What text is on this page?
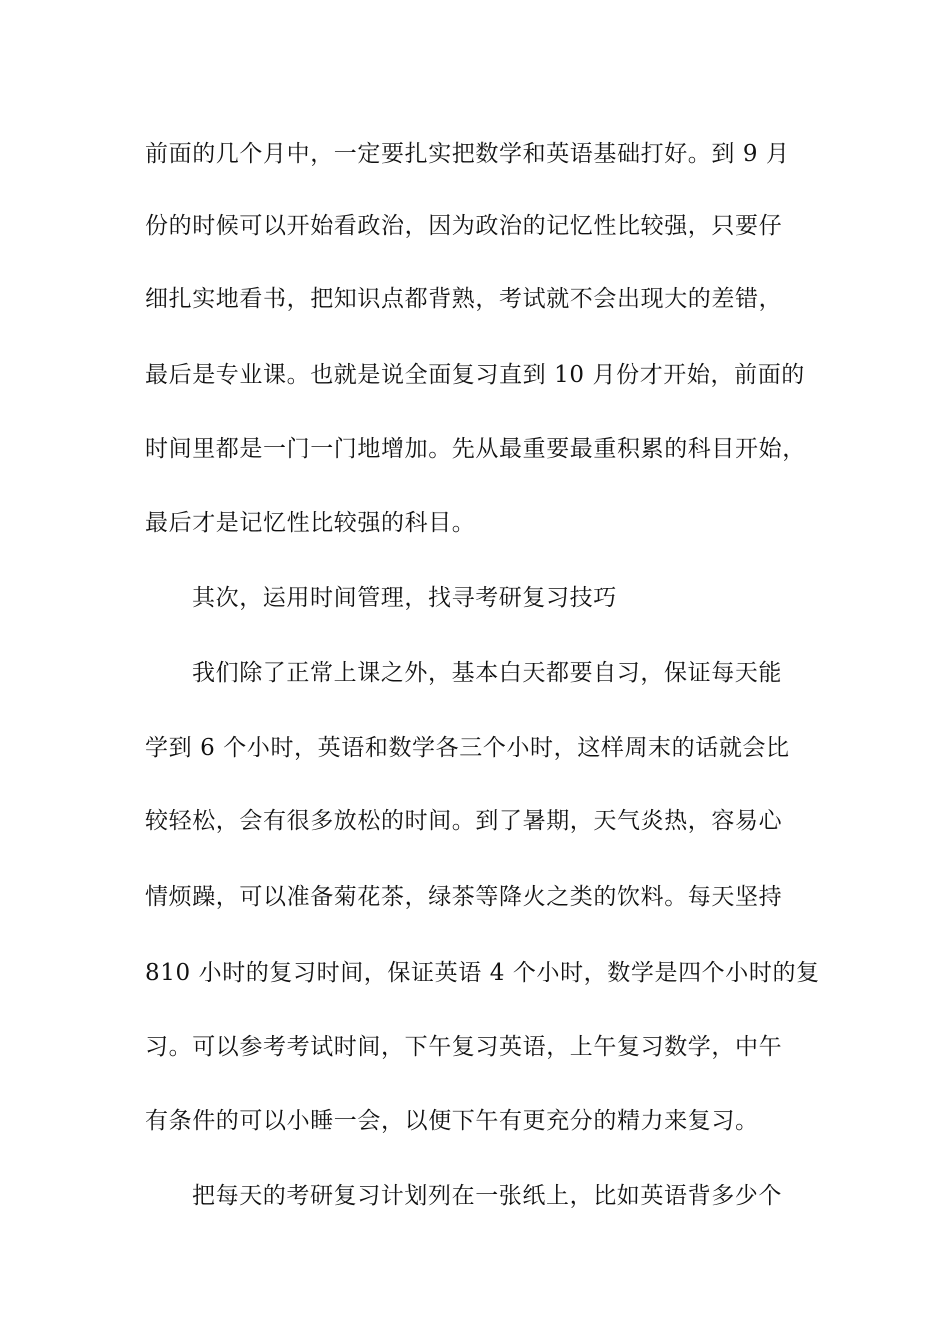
前面的几个月中，一定要扎实把数学和英语基础打好。到 9 月
份的时候可以开始看政治，因为政治的记忆性比较强，只要仔
细扎实地看书，把知识点都背熟，考试就不会出现大的差错，
最后是专业课。也就是说全面复习直到 10 月份才开始，前面的
时间里都是一门一门地增加。先从最重要最重积累的科目开始，
最后才是记忆性比较强的科目。
其次，运用时间管理，找寻考研复习技巧
我们除了正常上课之外，基本白天都要自习，保证每天能
学到 6 个小时，英语和数学各三个小时，这样周末的话就会比
较轻松，会有很多放松的时间。到了暑期，天气炎热，容易心
情烦躁，可以准备菊花茶，绿茶等降火之类的饮料。每天坚持
810 小时的复习时间，保证英语 4 个小时，数学是四个小时的复
习。可以参考考试时间，下午复习英语，上午复习数学，中午
有条件的可以小睡一会，以便下午有更充分的精力来复习。
把每天的考研复习计划列在一张纸上，比如英语背多少个
